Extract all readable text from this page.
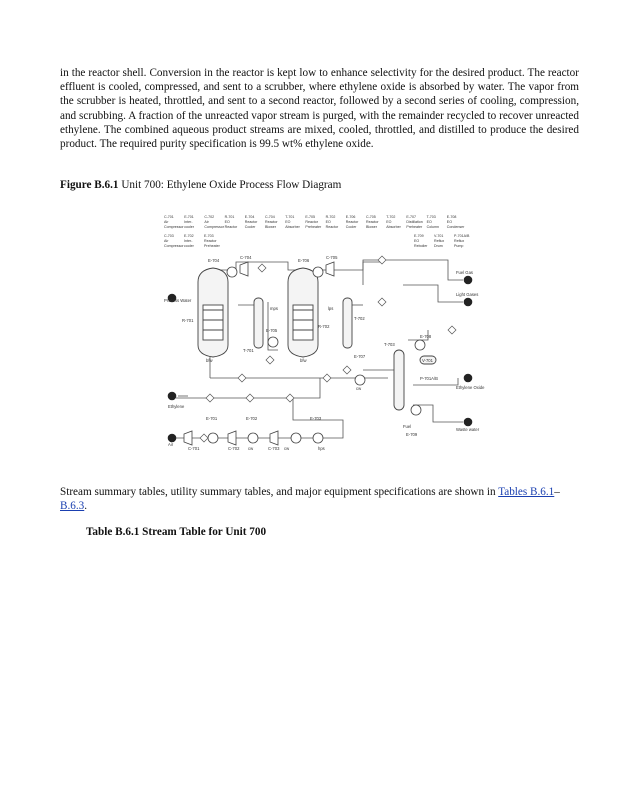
in the reactor shell. Conversion in the reactor is kept low to enhance selectivity for the desired product. The reactor effluent is cooled, compressed, and sent to a scrubber, where ethylene oxide is absorbed by water. The vapor from the scrubber is heated, throttled, and sent to a second reactor, followed by a second series of cooling, compression, and scrubbing. A fraction of the unreacted vapor stream is purged, with the remainder recycled to recover unreacted ethylene. The combined aqueous product streams are mixed, cooled, throttled, and distilled to produce the desired product. The required purity specification is 99.5 wt% ethylene oxide.

Figure B.6.1 Unit 700: Ethylene Oxide Process Flow Diagram

C-701
Air
Compressor
E-701
Inter-
cooler
C-702
Air
Compressor
R-701
EO
Reactor
E-704
Reactor
Cooler
C-704
Reactor
Blower
T-701
EO
Absorber
E-705
Reactor
Preheater
R-702
EO
Reactor
E-706
Reactor
Cooler
C-705
Reactor
Blower
T-702
EO
Absorber
E-707
Distillation
Preheater
T-703
EO
Column
E-708
EO
Condenser
C-703
Air
Compressor
E-702
Inter-
cooler
E-703
Reactor
Preheater
E-709
EO
Reboiler
V-701
Reflux
Drum
P-701A/B
Reflux
Pump
Process Water
Fuel Gas
Light Gases
Ethylene Oxide
Waste water
Ethylene
Air
bfw	bfw
cw	cw	hps
cw
Fuel
mps	lps
E-704
C-704
E-706
C-705
R-701
R-702
E-705
T-701
T-702
E-707
T-703
E-708
V-701
P-701A/B
E-709
E-701	E-702	E-703
C-701	C-702	C-703

Stream summary tables, utility summary tables, and major equipment specifications are shown in Tables B.6.1–B.6.3.

Table B.6.1 Stream Table for Unit 700
